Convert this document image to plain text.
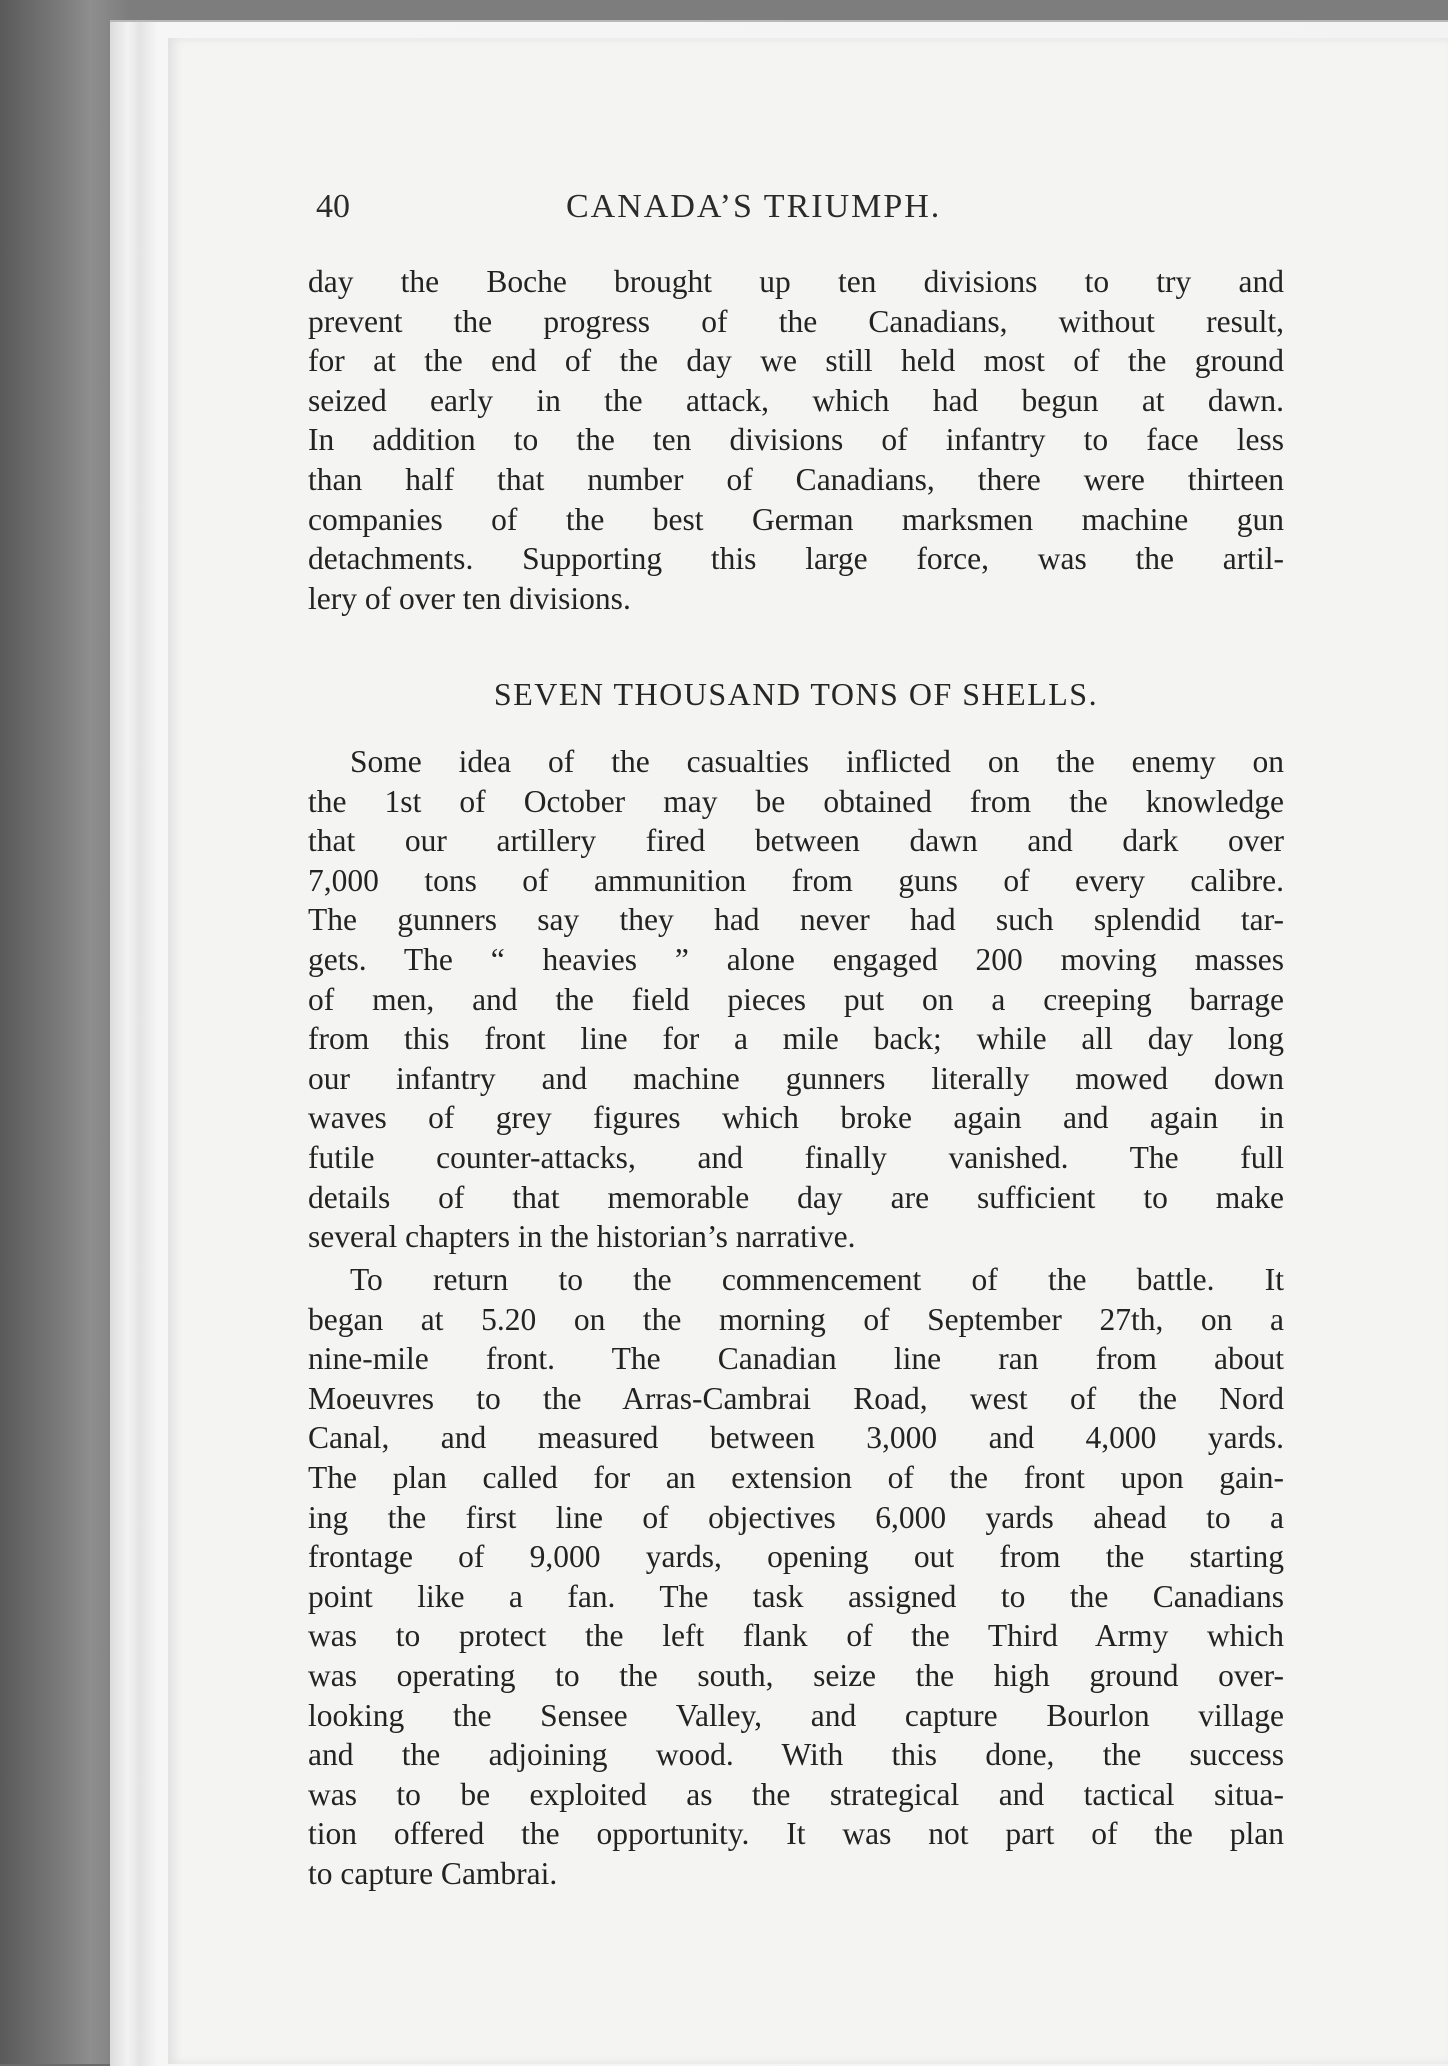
40	CANADA’S TRIUMPH.
day the Boche brought up ten divisions to try and
prevent the progress of the Canadians, without result,
for at the end of the day we still held most of the ground
seized early in the attack, which had begun at dawn.
In addition to the ten divisions of infantry to face less
than half that number of Canadians, there were thirteen
companies of the best German marksmen machine gun
detachments. Supporting this large force, was the artil-
lery of over ten divisions.
SEVEN THOUSAND TONS OF SHELLS.
Some idea of the casualties inflicted on the enemy on
the 1st of October may be obtained from the knowledge
that our artillery fired between dawn and dark over
7,000 tons of ammunition from guns of every calibre.
The gunners say they had never had such splendid tar-
gets. The “ heavies ” alone engaged 200 moving masses
of men, and the field pieces put on a creeping barrage
from this front line for a mile back; while all day long
our infantry and machine gunners literally mowed down
waves of grey figures which broke again and again in
futile counter-attacks, and finally vanished. The full
details of that memorable day are sufficient to make
several chapters in the historian’s narrative.
To return to the commencement of the battle. It
began at 5.20 on the morning of September 27th, on a
nine-mile front. The Canadian line ran from about
Moeuvres to the Arras-Cambrai Road, west of the Nord
Canal, and measured between 3,000 and 4,000 yards.
The plan called for an extension of the front upon gain-
ing the first line of objectives 6,000 yards ahead to a
frontage of 9,000 yards, opening out from the starting
point like a fan. The task assigned to the Canadians
was to protect the left flank of the Third Army which
was operating to the south, seize the high ground over-
looking the Sensee Valley, and capture Bourlon village
and the adjoining wood. With this done, the success
was to be exploited as the strategical and tactical situa-
tion offered the opportunity. It was not part of the plan
to capture Cambrai.
